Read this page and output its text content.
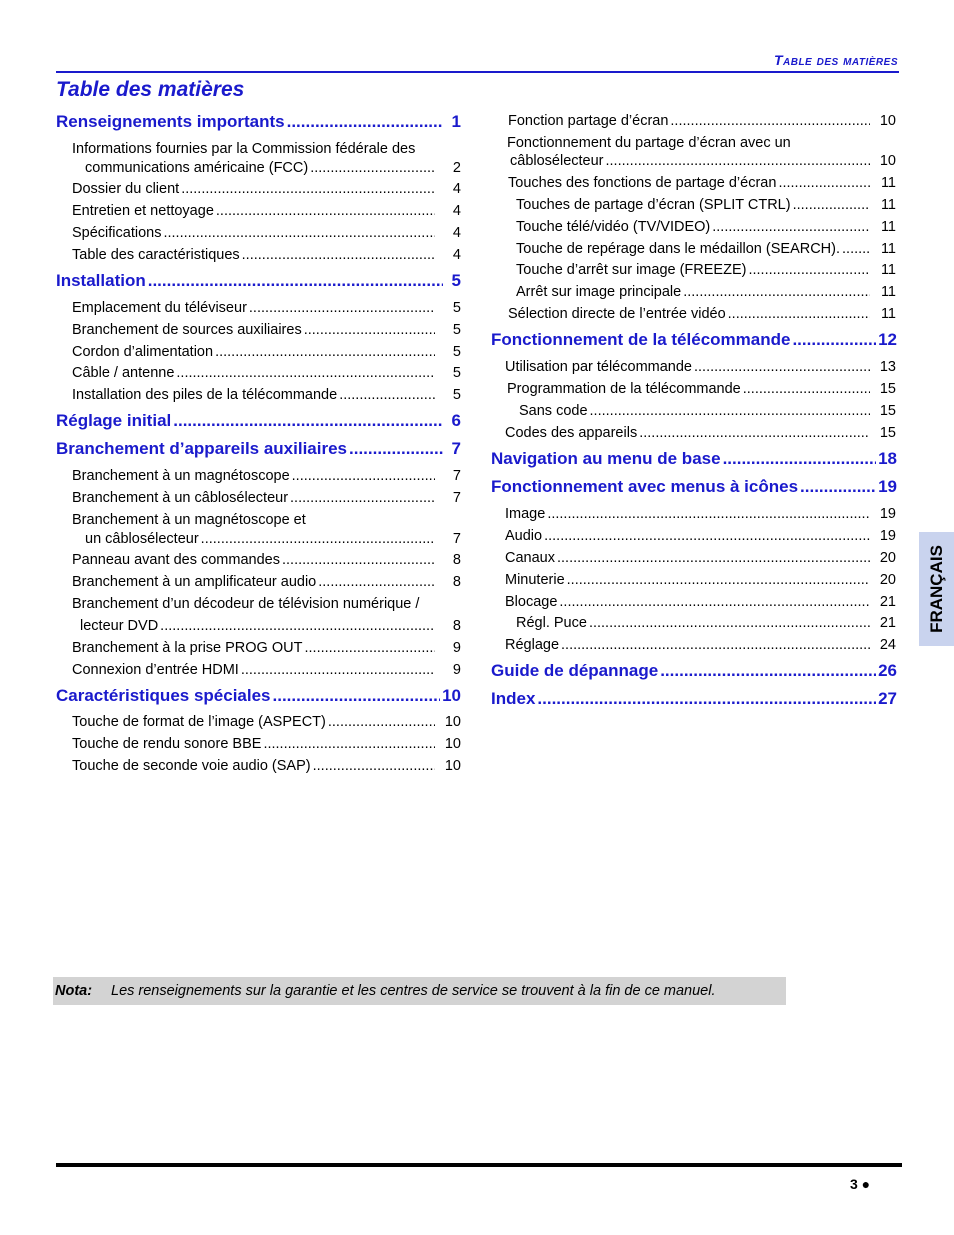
Table des matières
Table des matières
Renseignements importants .....	1
Informations fournies par la Commission fédérale des
communications américaine (FCC) .....	2
Dossier du client .....	4
Entretien et nettoyage .....	4
Spécifications .....	4
Table des caractéristiques .....	4
Installation .....	5
Emplacement du téléviseur .....	5
Branchement de sources auxiliaires .....	5
Cordon d’alimentation .....	5
Câble / antenne .....	5
Installation des piles de la télécommande .....	5
Réglage initial .....	6
Branchement d’appareils auxiliaires .....	7
Branchement à un magnétoscope .....	7
Branchement à un câblosélecteur .....	7
Branchement à un magnétoscope et
un câblosélecteur .....	7
Panneau avant des commandes .....	8
Branchement à un amplificateur audio .....	8
Branchement d’un décodeur de télévision numérique /
lecteur DVD .....	8
Branchement à la prise PROG OUT .....	9
Connexion d’entrée HDMI .....	9
Caractéristiques spéciales .....	10
Touche de format de l’image (ASPECT) .....	10
Touche de rendu sonore BBE .....	10
Touche de seconde voie audio (SAP) .....	10
Fonction partage d’écran .....	10
Fonctionnement du partage d’écran avec un
câblosélecteur .....	10
Touches des fonctions de partage d’écran .....	11
Touches de partage d’écran (SPLIT CTRL) .....	11
Touche télé/vidéo (TV/VIDEO) .....	11
Touche de repérage dans le médaillon (SEARCH). .....	11
Touche d’arrêt sur image (FREEZE) .....	11
Arrêt sur image principale .....	11
Sélection directe de l’entrée vidéo .....	11
Fonctionnement de la télécommande .....	12
Utilisation par télécommande .....	13
Programmation de la télécommande .....	15
Sans code .....	15
Codes des appareils .....	15
Navigation au menu de base .....	18
Fonctionnement avec menus à icônes .....	19
Image .....	19
Audio .....	19
Canaux .....	20
Minuterie .....	20
Blocage .....	21
Régl. Puce .....	21
Réglage .....	24
Guide de dépannage .....	26
Index .....	27
FRANÇAIS
Nota:	Les renseignements sur la garantie et les centres de service se trouvent à la fin de ce manuel.
3 ●
